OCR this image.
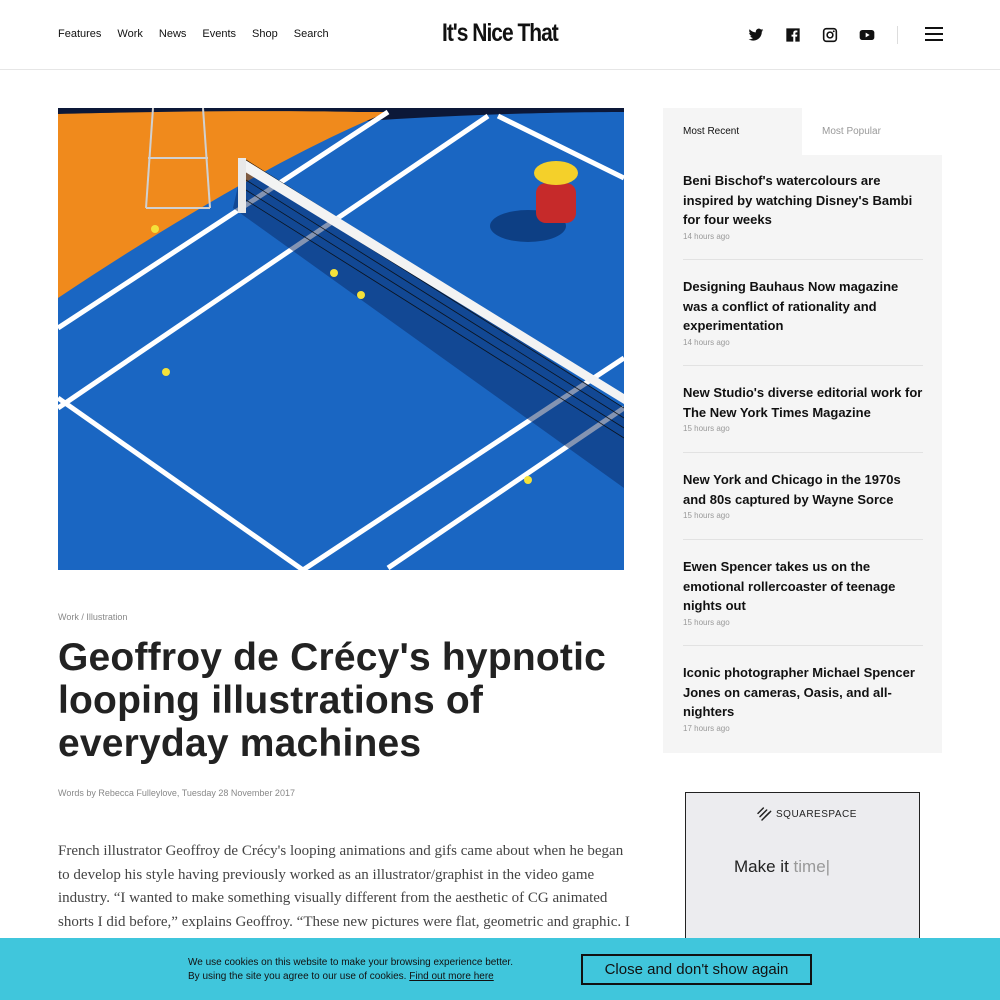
Features Work News Events Shop Search	It's Nice That
Work / Illustration
Geoffroy de Crécy's hypnotic looping illustrations of everyday machines
Words by Rebecca Fulleylove, Tuesday 28 November 2017

French illustrator Geoffroy de Crécy's looping animations and gifs came about when he began to develop his style having previously worked as an illustrator/graphist in the video game industry. “I wanted to make something visually different from the aesthetic of CG animated shorts I did before,” explains Geoffroy. “These new pictures were flat, geometric and graphic. I

Most Recent	Most Popular
Beni Bischof's watercolours are inspired by watching Disney's Bambi for four weeks
14 hours ago
Designing Bauhaus Now magazine was a conflict of rationality and experimentation
14 hours ago
New Studio's diverse editorial work for The New York Times Magazine
15 hours ago
New York and Chicago in the 1970s and 80s captured by Wayne Sorce
15 hours ago
Ewen Spencer takes us on the emotional rollercoaster of teenage nights out
15 hours ago
Iconic photographer Michael Spencer Jones on cameras, Oasis, and all-nighters
17 hours ago
SQUARESPACE
Make it time|
We use cookies on this website to make your browsing experience better.
By using the site you agree to our use of cookies. Find out more here	Close and don't show again
